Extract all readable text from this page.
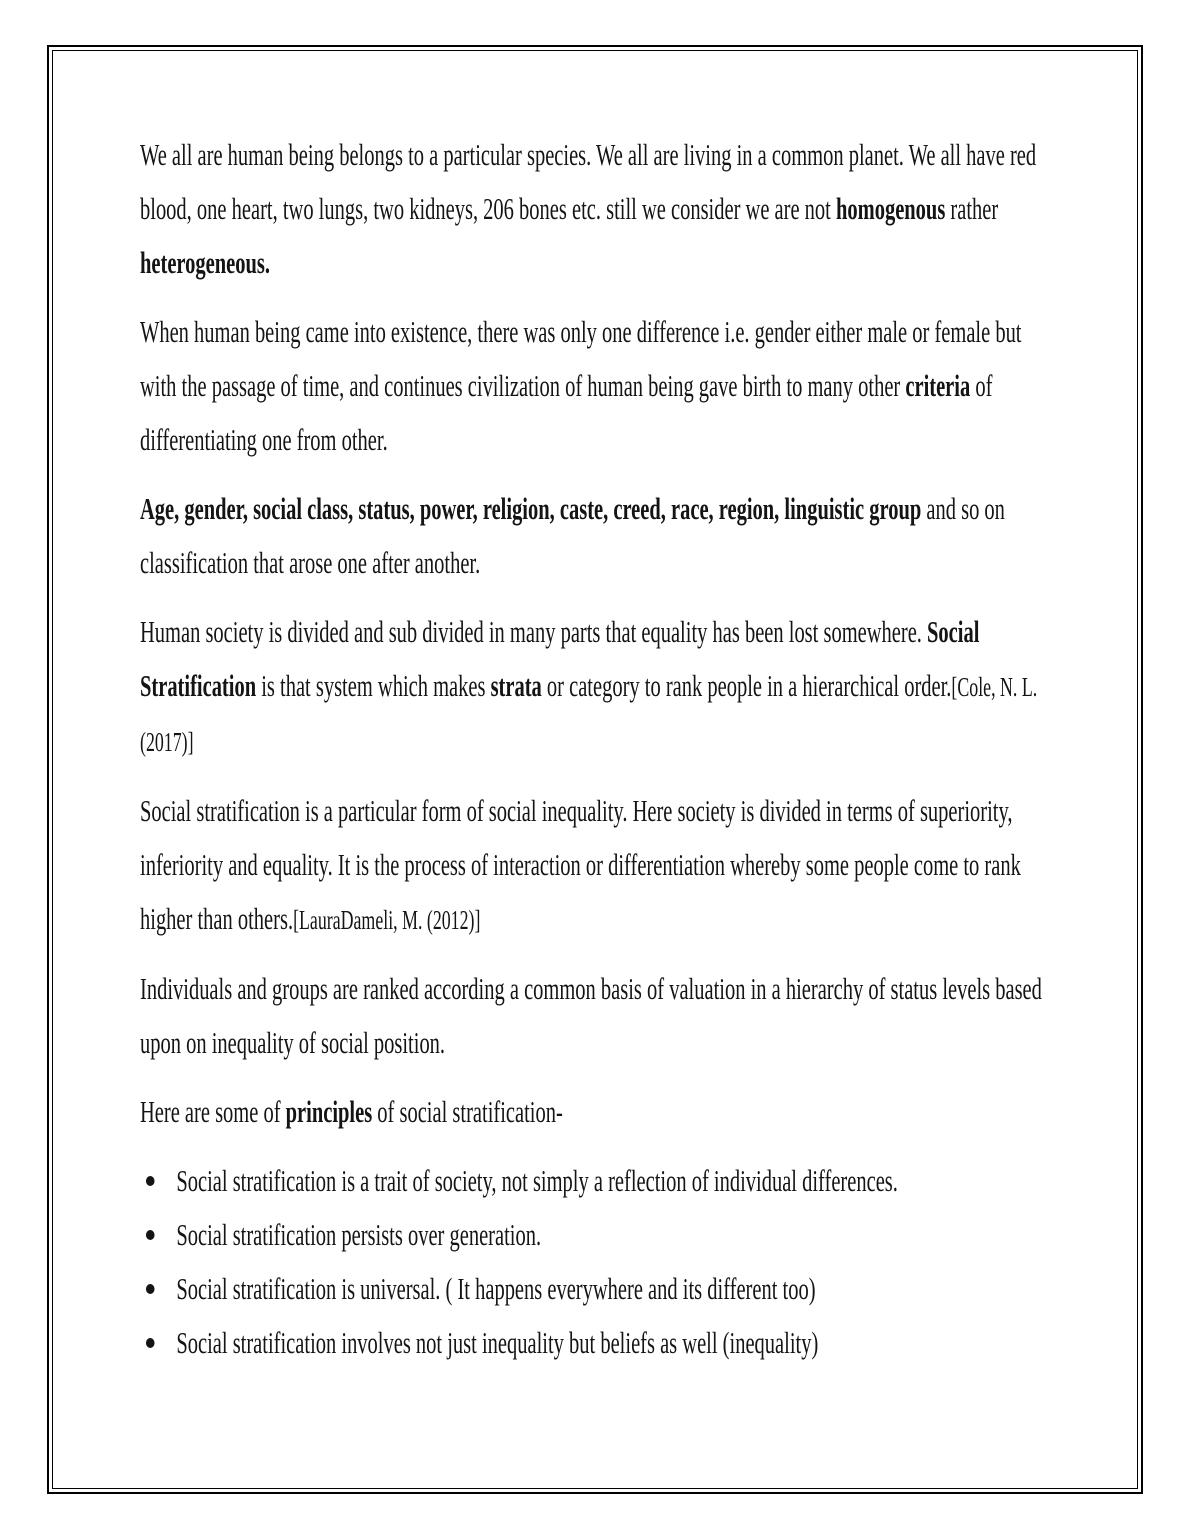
We all are human being belongs to a particular species. We all are living in a common planet. We all have red blood, one heart, two lungs, two kidneys, 206 bones etc. still we consider we are not homogenous rather heterogeneous.

When human being came into existence, there was only one difference i.e. gender either male or female but with the passage of time, and continues civilization of human being gave birth to many other criteria of differentiating one from other.

Age, gender, social class, status, power, religion, caste, creed, race, region, linguistic group and so on classification that arose one after another.

Human society is divided and sub divided in many parts that equality has been lost somewhere. Social Stratification is that system which makes strata or category to rank people in a hierarchical order.[Cole, N. L. (2017)]

Social stratification is a particular form of social inequality. Here society is divided in terms of superiority, inferiority and equality. It is the process of interaction or differentiation whereby some people come to rank higher than others.[LauraDameli, M. (2012)]

Individuals and groups are ranked according a common basis of valuation in a hierarchy of status levels based upon on inequality of social position.

Here are some of principles of social stratification-

Social stratification is a trait of society, not simply a reflection of individual differences.
Social stratification persists over generation.
Social stratification is universal. ( It happens everywhere and its different too)
Social stratification involves not just inequality but beliefs as well (inequality)
